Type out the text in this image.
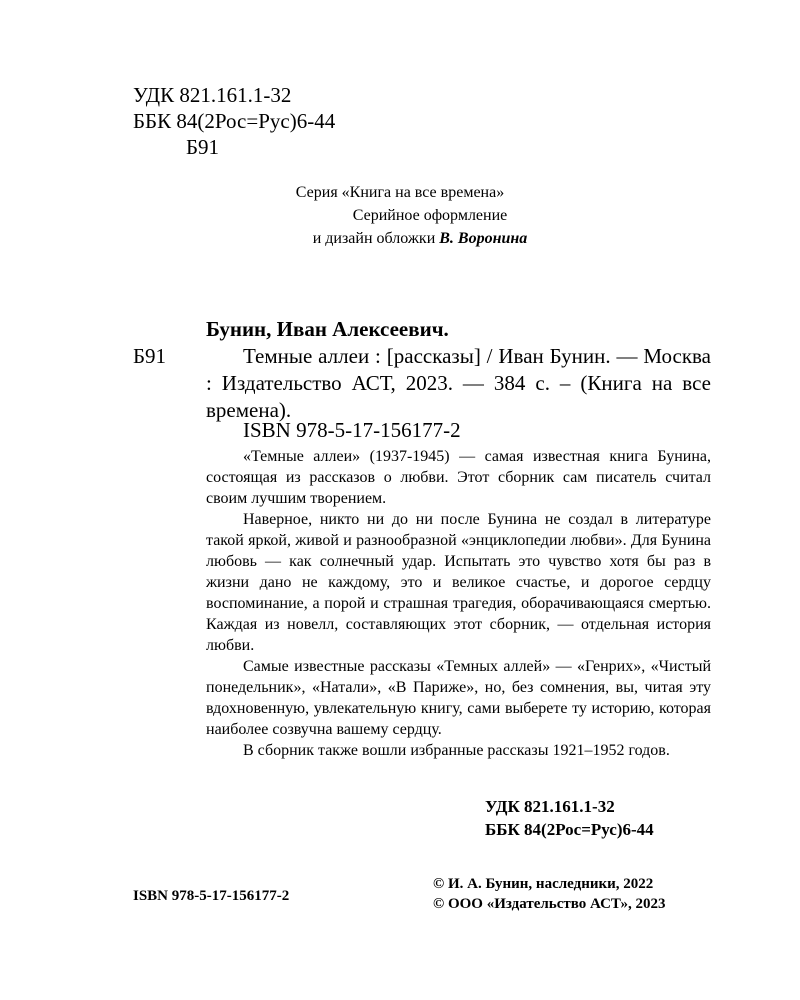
УДК 821.161.1-32
ББК 84(2Рос=Рус)6-44
Б91
Серия «Книга на все времена»
Серийное оформление
и дизайн обложки В. Воронина
Бунин, Иван Алексеевич.
Б91	Темные аллеи : [рассказы] / Иван Бунин. — Москва : Издательство АСТ, 2023. — 384 с. – (Книга на все времена).

ISBN 978-5-17-156177-2

«Темные аллеи» (1937-1945) — самая известная книга Бунина, состоящая из рассказов о любви. Этот сборник сам писатель считал своим лучшим творением.

Наверное, никто ни до ни после Бунина не создал в литературе такой яркой, живой и разнообразной «энциклопедии любви». Для Бунина любовь — как солнечный удар. Испытать это чувство хотя бы раз в жизни дано не каждому, это и великое счастье, и дорогое сердцу воспоминание, а порой и страшная трагедия, оборачивающаяся смертью. Каждая из новелл, составляющих этот сборник, — отдельная история любви.

Самые известные рассказы «Темных аллей» — «Генрих», «Чистый понедельник», «Натали», «В Париже», но, без сомнения, вы, читая эту вдохновенную, увлекательную книгу, сами выберете ту историю, которая наиболее созвучна вашему сердцу.

В сборник также вошли избранные рассказы 1921–1952 годов.

УДК 821.161.1-32
ББК 84(2Рос=Рус)6-44
ISBN 978-5-17-156177-2
© И. А. Бунин, наследники, 2022
© ООО «Издательство АСТ», 2023
